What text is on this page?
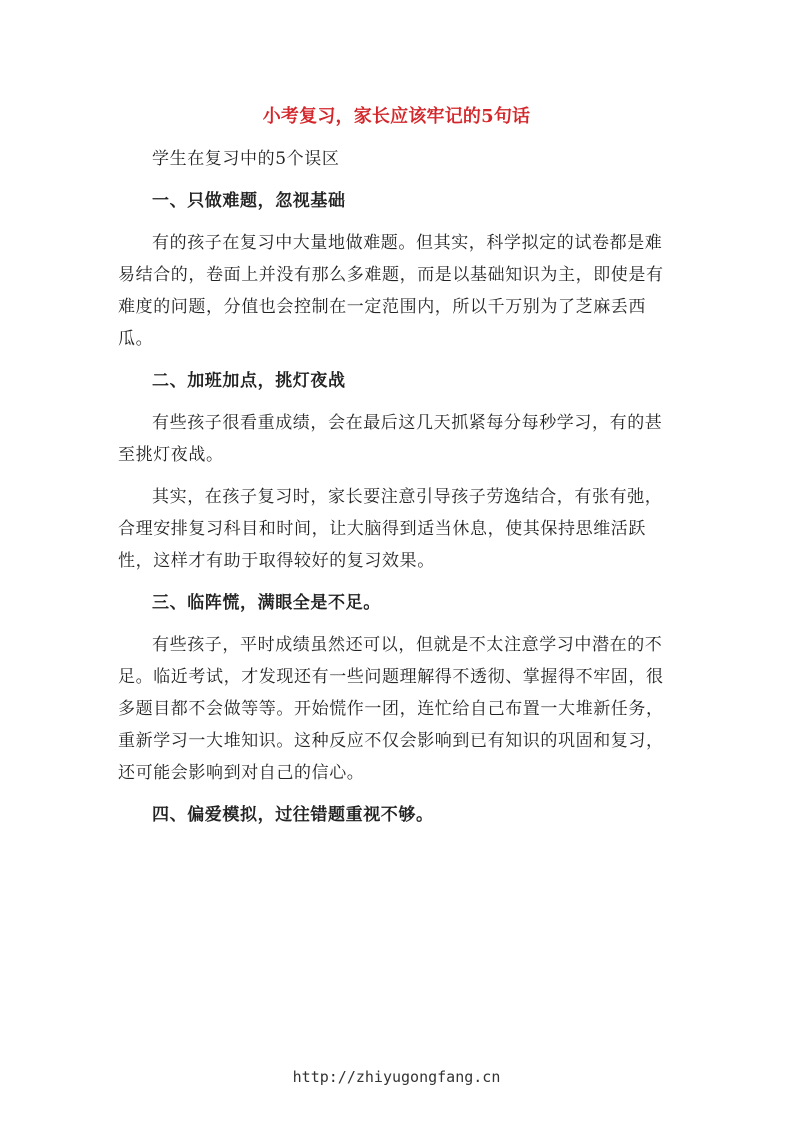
小考复习，家长应该牢记的5句话

学生在复习中的5个误区

一、只做难题，忽视基础

有的孩子在复习中大量地做难题。但其实，科学拟定的试卷都是难易结合的，卷面上并没有那么多难题，而是以基础知识为主，即使是有难度的问题，分值也会控制在一定范围内，所以千万别为了芝麻丢西瓜。

二、加班加点，挑灯夜战

有些孩子很看重成绩，会在最后这几天抓紧每分每秒学习，有的甚至挑灯夜战。

其实，在孩子复习时，家长要注意引导孩子劳逸结合，有张有弛，合理安排复习科目和时间，让大脑得到适当休息，使其保持思维活跃性，这样才有助于取得较好的复习效果。

三、临阵慌，满眼全是不足。

有些孩子，平时成绩虽然还可以，但就是不太注意学习中潜在的不足。临近考试，才发现还有一些问题理解得不透彻、掌握得不牢固，很多题目都不会做等等。开始慌作一团，连忙给自己布置一大堆新任务，重新学习一大堆知识。这种反应不仅会影响到已有知识的巩固和复习，还可能会影响到对自己的信心。

四、偏爱模拟，过往错题重视不够。

http://zhiyugongfang.cn
